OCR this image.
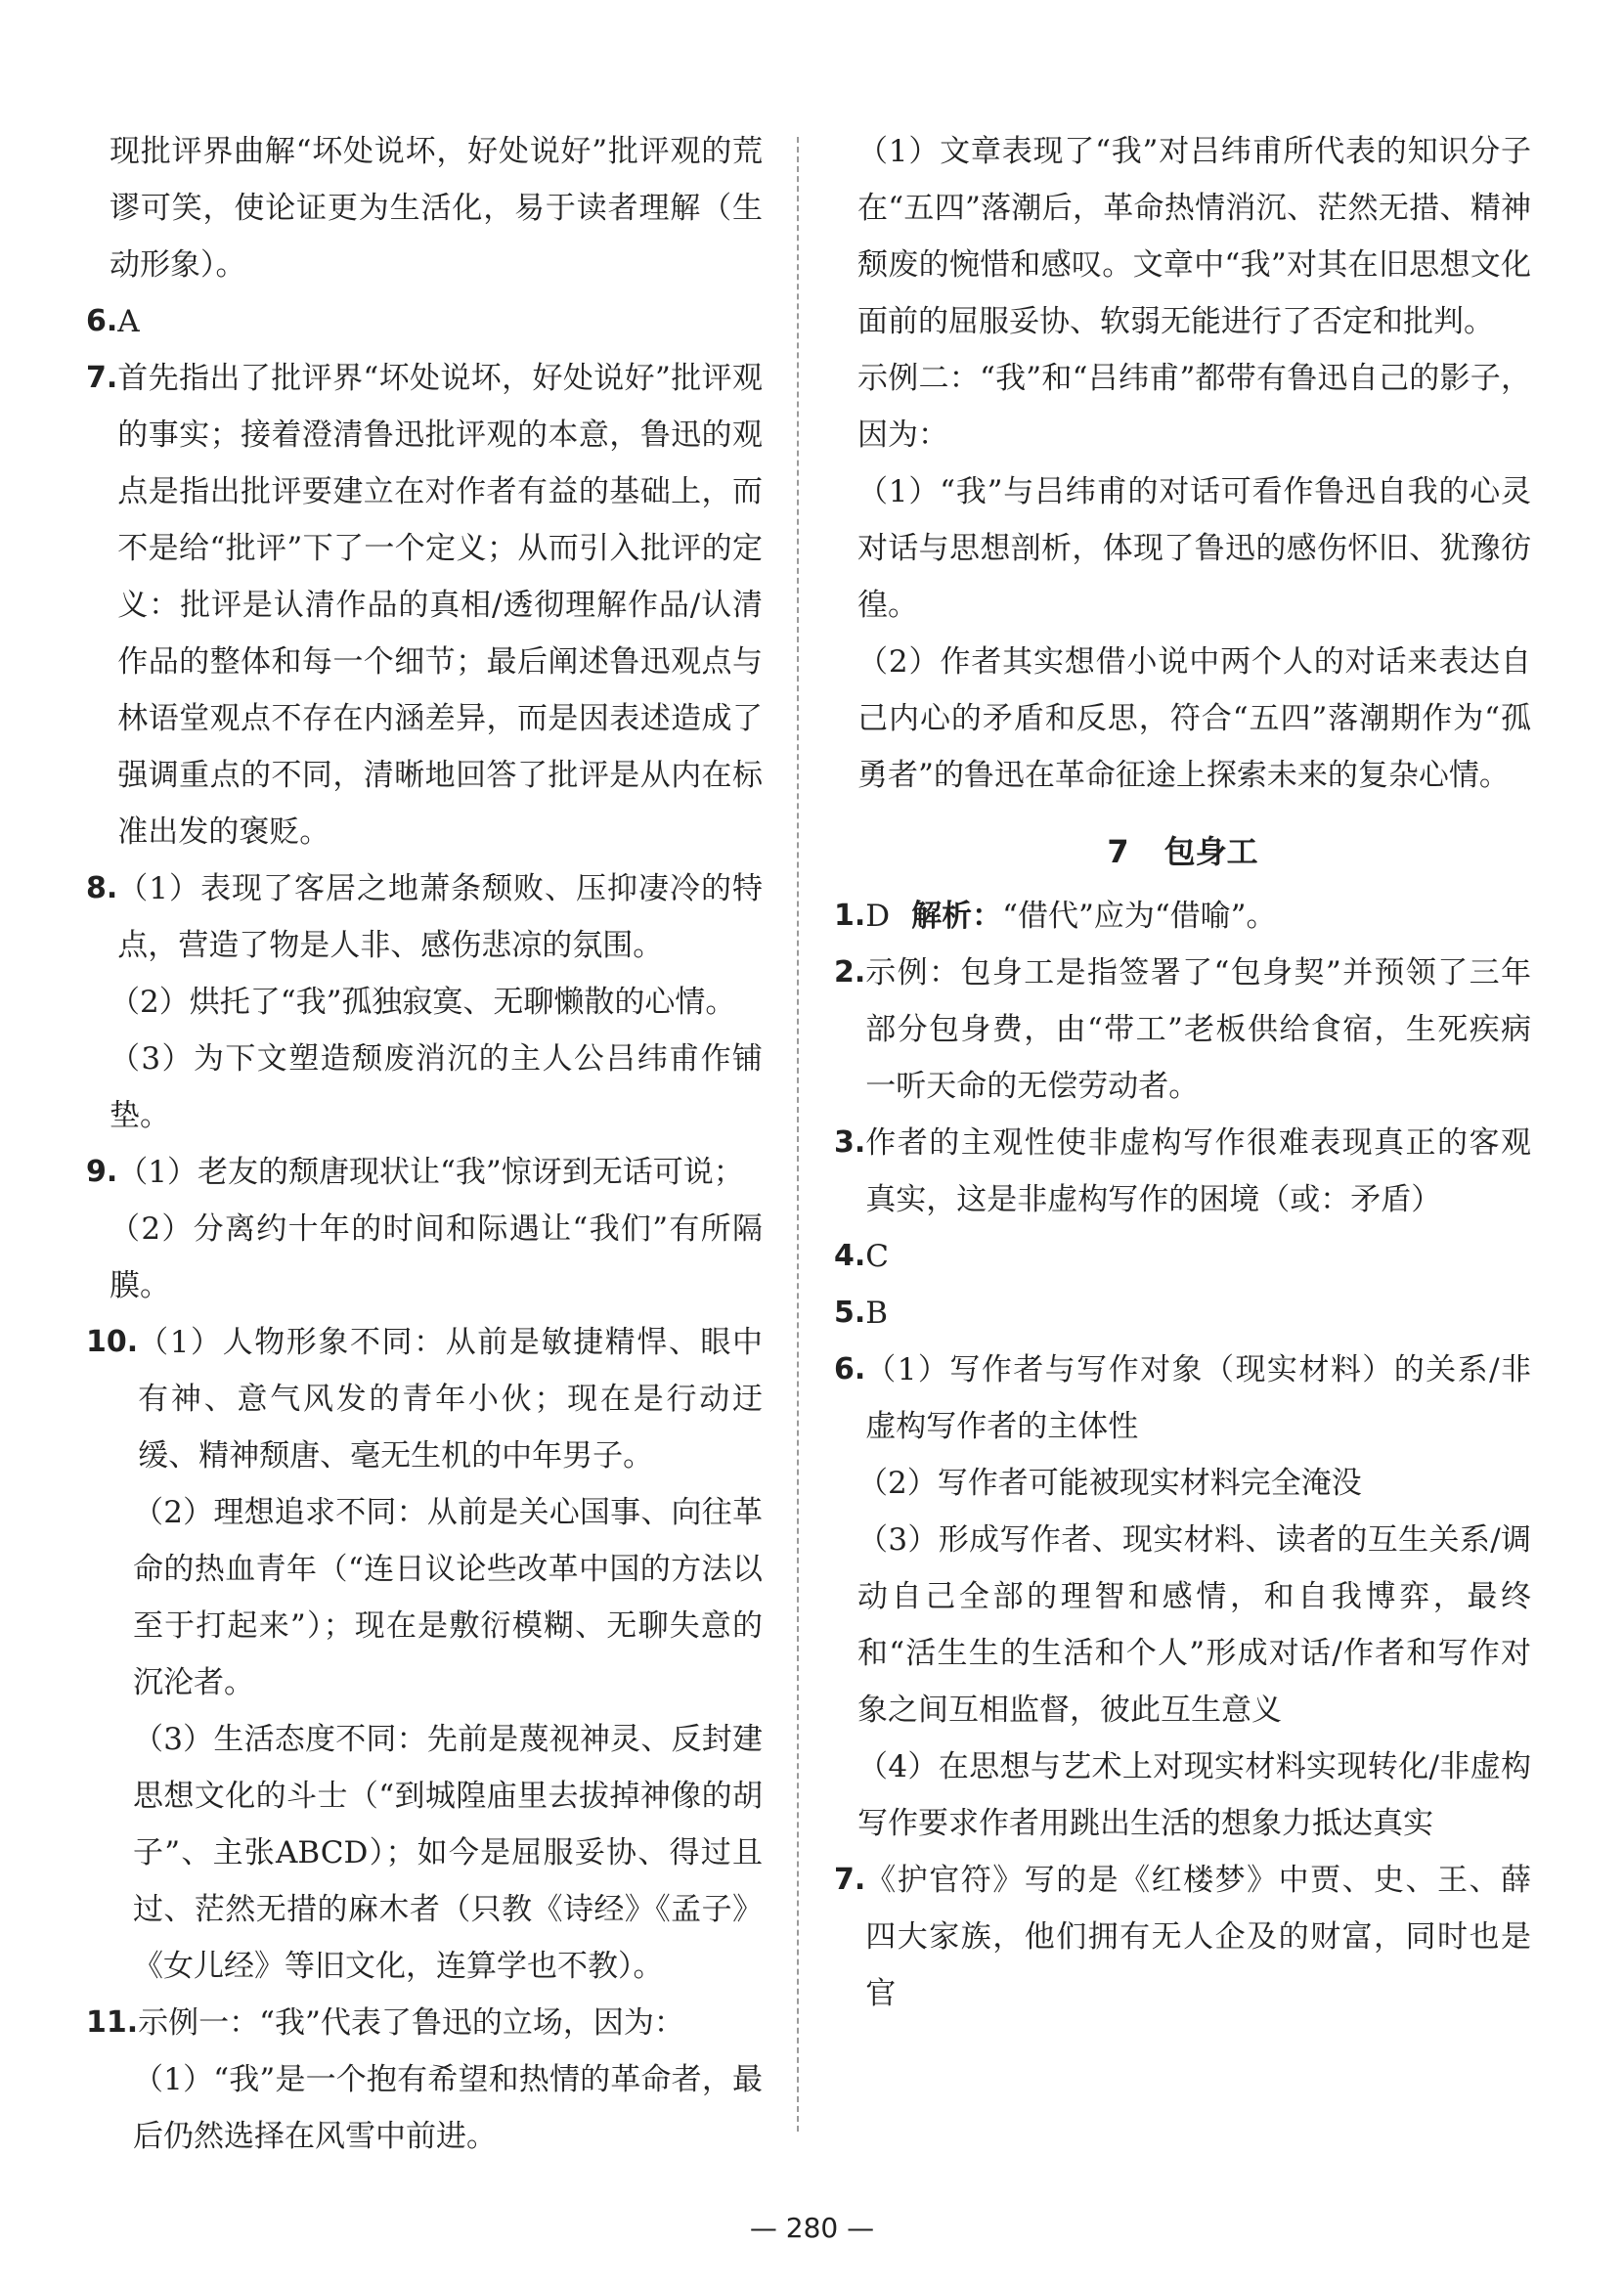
现批评界曲解“坏处说坏，好处说好”批评观的荒谬可笑，使论证更为生活化，易于读者理解（生动形象）。

6. A
7. 首先指出了批评界“坏处说坏，好处说好”批评观的事实；接着澄清鲁迅批评观的本意，鲁迅的观点是指出批评要建立在对作者有益的基础上，而不是给“批评”下了一个定义；从而引入批评的定义：批评是认清作品的真相/透彻理解作品/认清作品的整体和每一个细节；最后阐述鲁迅观点与林语堂观点不存在内涵差异，而是因表述造成了强调重点的不同，清晰地回答了批评是从内在标准出发的褒贬。
8. （1）表现了客居之地萧条颓败、压抑凄冷的特点，营造了物是人非、感伤悲凉的氛围。

（2）烘托了“我”孤独寂寞、无聊懒散的心情。

（3）为下文塑造颓废消沉的主人公吕纬甫作铺垫。

9. （1）老友的颓唐现状让“我”惊讶到无话可说；

（2）分离约十年的时间和际遇让“我们”有所隔膜。

10. （1）人物形象不同：从前是敏捷精悍、眼中有神、意气风发的青年小伙；现在是行动迂缓、精神颓唐、毫无生机的中年男子。

（2）理想追求不同：从前是关心国事、向往革命的热血青年（“连日议论些改革中国的方法以至于打起来”）；现在是敷衍模糊、无聊失意的沉沦者。

（3）生活态度不同：先前是蔑视神灵、反封建思想文化的斗士（“到城隍庙里去拔掉神像的胡子”、主张ABCD）；如今是屈服妥协、得过且过、茫然无措的麻木者（只教《诗经》《孟子》《女儿经》等旧文化，连算学也不教）。

11. 示例一：“我”代表了鲁迅的立场，因为：

（1）“我”是一个抱有希望和热情的革命者，最后仍然选择在风雪中前进。

（1）文章表现了“我”对吕纬甫所代表的知识分子在“五四”落潮后，革命热情消沉、茫然无措、精神颓废的惋惜和感叹。文章中“我”对其在旧思想文化面前的屈服妥协、软弱无能进行了否定和批判。

示例二：“我”和“吕纬甫”都带有鲁迅自己的影子，因为：

（1）“我”与吕纬甫的对话可看作鲁迅自我的心灵对话与思想剖析，体现了鲁迅的感伤怀旧、犹豫彷徨。

（2）作者其实想借小说中两个人的对话来表达自己内心的矛盾和反思，符合“五四”落潮期作为“孤勇者”的鲁迅在革命征途上探索未来的复杂心情。

7 包身工
1. D 解析：“借代”应为“借喻”。
2. 示例：包身工是指签署了“包身契”并预领了三年部分包身费，由“带工”老板供给食宿，生死疾病一听天命的无偿劳动者。
3. 作者的主观性使非虚构写作很难表现真正的客观真实，这是非虚构写作的困境（或：矛盾）
4. C
5. B
6. （1）写作者与写作对象（现实材料）的关系/非虚构写作者的主体性

（2）写作者可能被现实材料完全淹没

（3）形成写作者、现实材料、读者的互生关系/调动自己全部的理智和感情，和自我博弈，最终和“活生生的生活和个人”形成对话/作者和写作对象之间互相监督，彼此互生意义

（4）在思想与艺术上对现实材料实现转化/非虚构写作要求作者用跳出生活的想象力抵达真实

7. 《护官符》写的是《红楼梦》中贾、史、王、薛四大家族，他们拥有无人企及的财富，同时也是官
— 280 —
